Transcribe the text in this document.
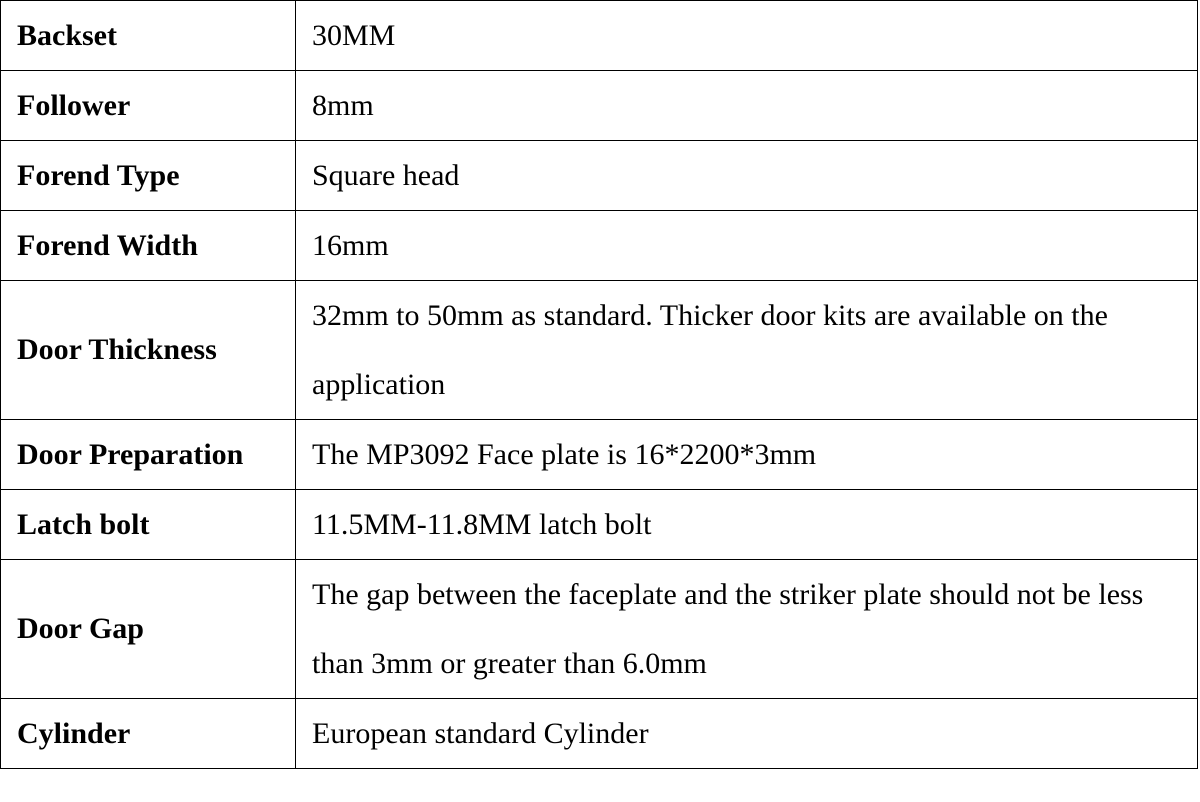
Backset	30MM
Follower	8mm
Forend Type	Square head
Forend Width	16mm
Door Thickness	32mm to 50mm as standard. Thicker door kits are available on the application
Door Preparation	The MP3092 Face plate is 16*2200*3mm
Latch bolt	11.5MM-11.8MM latch bolt
Door Gap	The gap between the faceplate and the striker plate should not be less than 3mm or greater than 6.0mm
Cylinder	European standard Cylinder
